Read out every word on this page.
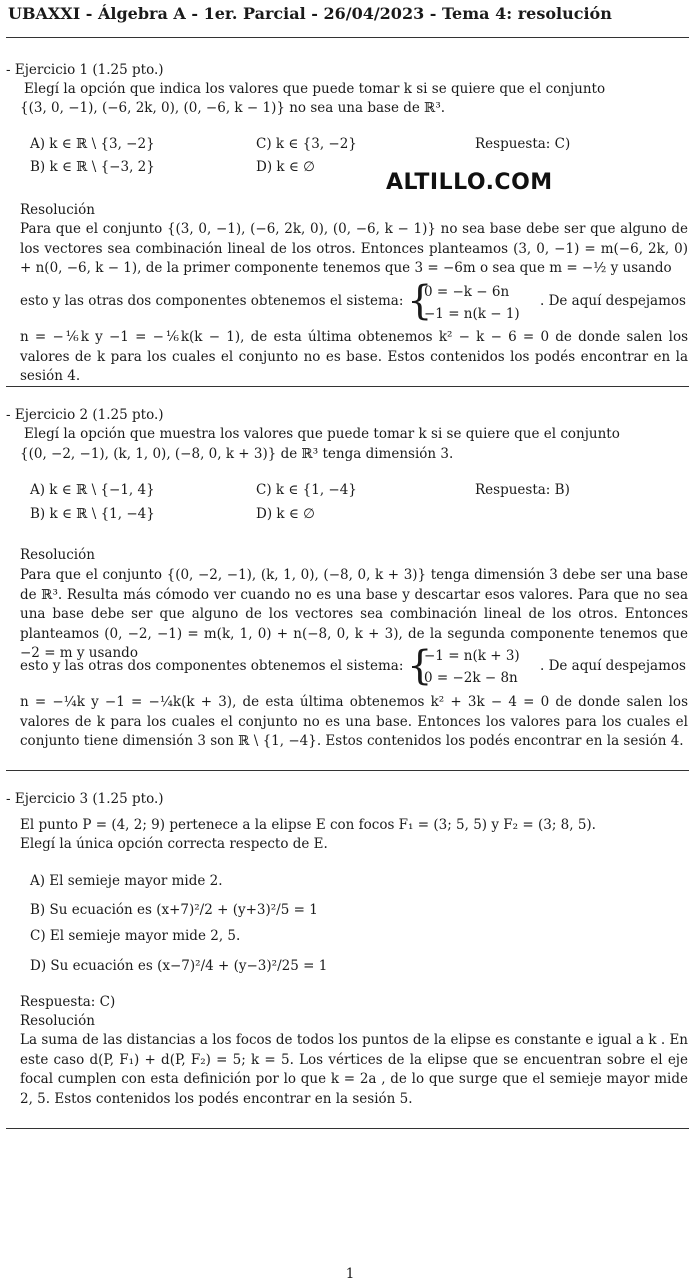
UBAXXI - Álgebra A - 1er. Parcial - 26/04/2023 - Tema 4: resolución
ALTILLO.COM
- Ejercicio 1 (1.25 pto.)
Elegí la opción que indica los valores que puede tomar k si se quiere que el conjunto
{(3, 0, −1), (−6, 2k, 0), (0, −6, k − 1)} no sea una base de ℝ³.
A) k ∈ ℝ \ {3, −2}
B) k ∈ ℝ \ {−3, 2}
C) k ∈ {3, −2}
D) k ∈ ∅
Respuesta: C)
Resolución
Para que el conjunto {(3, 0, −1), (−6, 2k, 0), (0, −6, k − 1)} no sea base debe ser que alguno de los vectores sea combinación lineal de los otros. Entonces planteamos (3, 0, −1) = m(−6, 2k, 0) + n(0, −6, k − 1), de la primer componente tenemos que 3 = −6m o sea que m = −½ y usando
esto y las otras dos componentes obtenemos el sistema: {
0 = −k − 6n
−1 = n(k − 1)
. De aquí despejamos
n = −⅙k y −1 = −⅙k(k − 1), de esta última obtenemos k² − k − 6 = 0 de donde salen los valores de k para los cuales el conjunto no es base. Estos contenidos los podés encontrar en la sesión 4.
- Ejercicio 2 (1.25 pto.)
Elegí la opción que muestra los valores que puede tomar k si se quiere que el conjunto
{(0, −2, −1), (k, 1, 0), (−8, 0, k + 3)} de ℝ³ tenga dimensión 3.
A) k ∈ ℝ \ {−1, 4}
B) k ∈ ℝ \ {1, −4}
C) k ∈ {1, −4}
D) k ∈ ∅
Respuesta: B)
Resolución
Para que el conjunto {(0, −2, −1), (k, 1, 0), (−8, 0, k + 3)} tenga dimensión 3 debe ser una base de ℝ³. Resulta más cómodo ver cuando no es una base y descartar esos valores. Para que no sea una base debe ser que alguno de los vectores sea combinación lineal de los otros. Entonces planteamos (0, −2, −1) = m(k, 1, 0) + n(−8, 0, k + 3), de la segunda componente tenemos que −2 = m y usando
esto y las otras dos componentes obtenemos el sistema: {
−1 = n(k + 3)
0 = −2k − 8n
. De aquí despejamos
n = −¼k y −1 = −¼k(k + 3), de esta última obtenemos k² + 3k − 4 = 0 de donde salen los valores de k para los cuales el conjunto no es una base. Entonces los valores para los cuales el conjunto tiene dimensión 3 son ℝ \ {1, −4}. Estos contenidos los podés encontrar en la sesión 4.
- Ejercicio 3 (1.25 pto.)
El punto P = (4, 2; 9) pertenece a la elipse E con focos F₁ = (3; 5, 5) y F₂ = (3; 8, 5).
Elegí la única opción correcta respecto de E.
A) El semieje mayor mide 2.
B) Su ecuación es (x+7)²/2 + (y+3)²/5 = 1
C) El semieje mayor mide 2, 5.
D) Su ecuación es (x−7)²/4 + (y−3)²/25 = 1
Respuesta: C)
Resolución
La suma de las distancias a los focos de todos los puntos de la elipse es constante e igual a k . En este caso d(P, F₁) + d(P, F₂) = 5; k = 5. Los vértices de la elipse que se encuentran sobre el eje focal cumplen con esta definición por lo que k = 2a , de lo que surge que el semieje mayor mide 2, 5. Estos contenidos los podés encontrar en la sesión 5.
1
